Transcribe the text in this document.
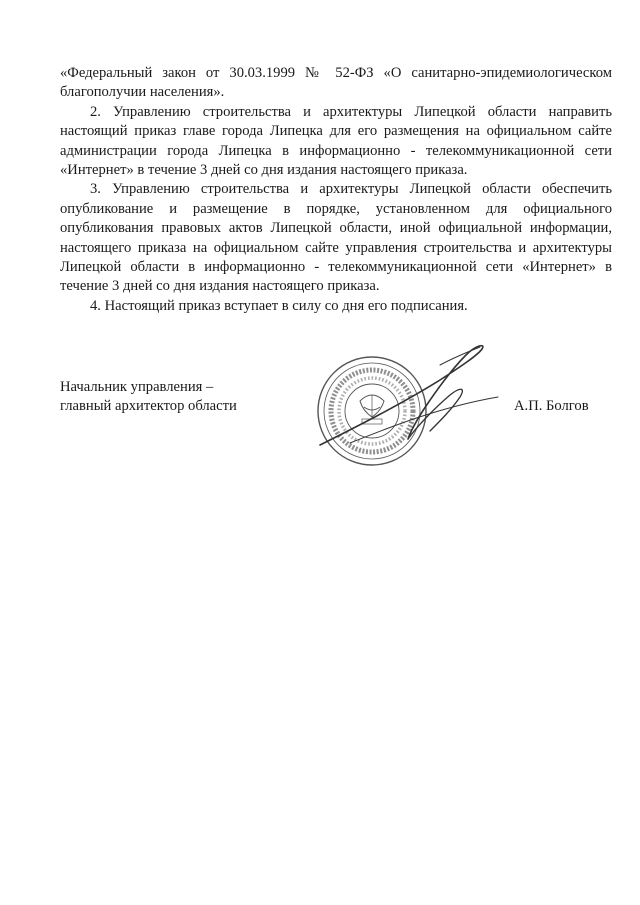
«Федеральный закон от 30.03.1999 № 52-ФЗ «О санитарно-эпидемиологическом благополучии населения».

2. Управлению строительства и архитектуры Липецкой области направить настоящий приказ главе города Липецка для его размещения на официальном сайте администрации города Липецка в информационно - телекоммуникационной сети «Интернет» в течение 3 дней со дня издания настоящего приказа.

3. Управлению строительства и архитектуры Липецкой области обеспечить опубликование и размещение в порядке, установленном для официального опубликования правовых актов Липецкой области, иной официальной информации, настоящего приказа на официальном сайте управления строительства и архитектуры Липецкой области в информационно - телекоммуникационной сети «Интернет» в течение 3 дней со дня издания настоящего приказа.

4. Настоящий приказ вступает в силу со дня его подписания.

Начальник управления –
главный архитектор области	А.П. Болгов
